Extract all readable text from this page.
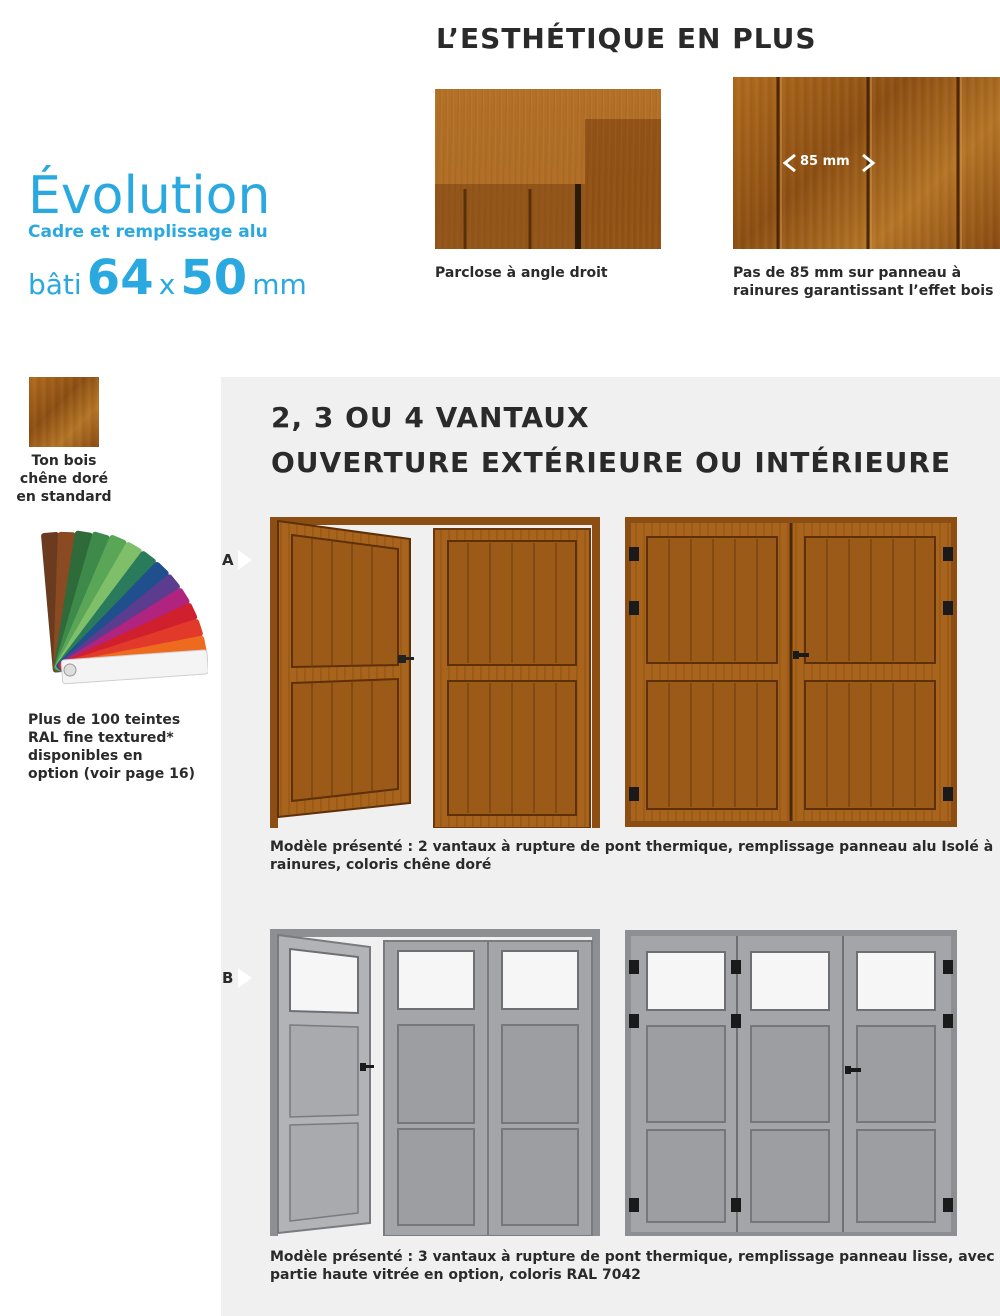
L’ESTHÉTIQUE EN PLUS
Évolution
Cadre et remplissage alu
bâti 64 x 50 mm	Parclose à angle droit
85 mm
Pas de 85 mm sur panneau à
rainures garantissant l’effet bois
Ton bois
chêne doré
en standard
Plus de 100 teintes
RAL fine textured*
disponibles en
option (voir page 16)
2, 3 OU 4 VANTAUX
OUVERTURE EXTÉRIEURE OU INTÉRIEURE
A
Modèle présenté : 2 vantaux à rupture de pont thermique, remplissage panneau alu Isolé à
rainures, coloris chêne doré
B
Modèle présenté : 3 vantaux à rupture de pont thermique, remplissage panneau lisse, avec
partie haute vitrée en option, coloris RAL 7042
